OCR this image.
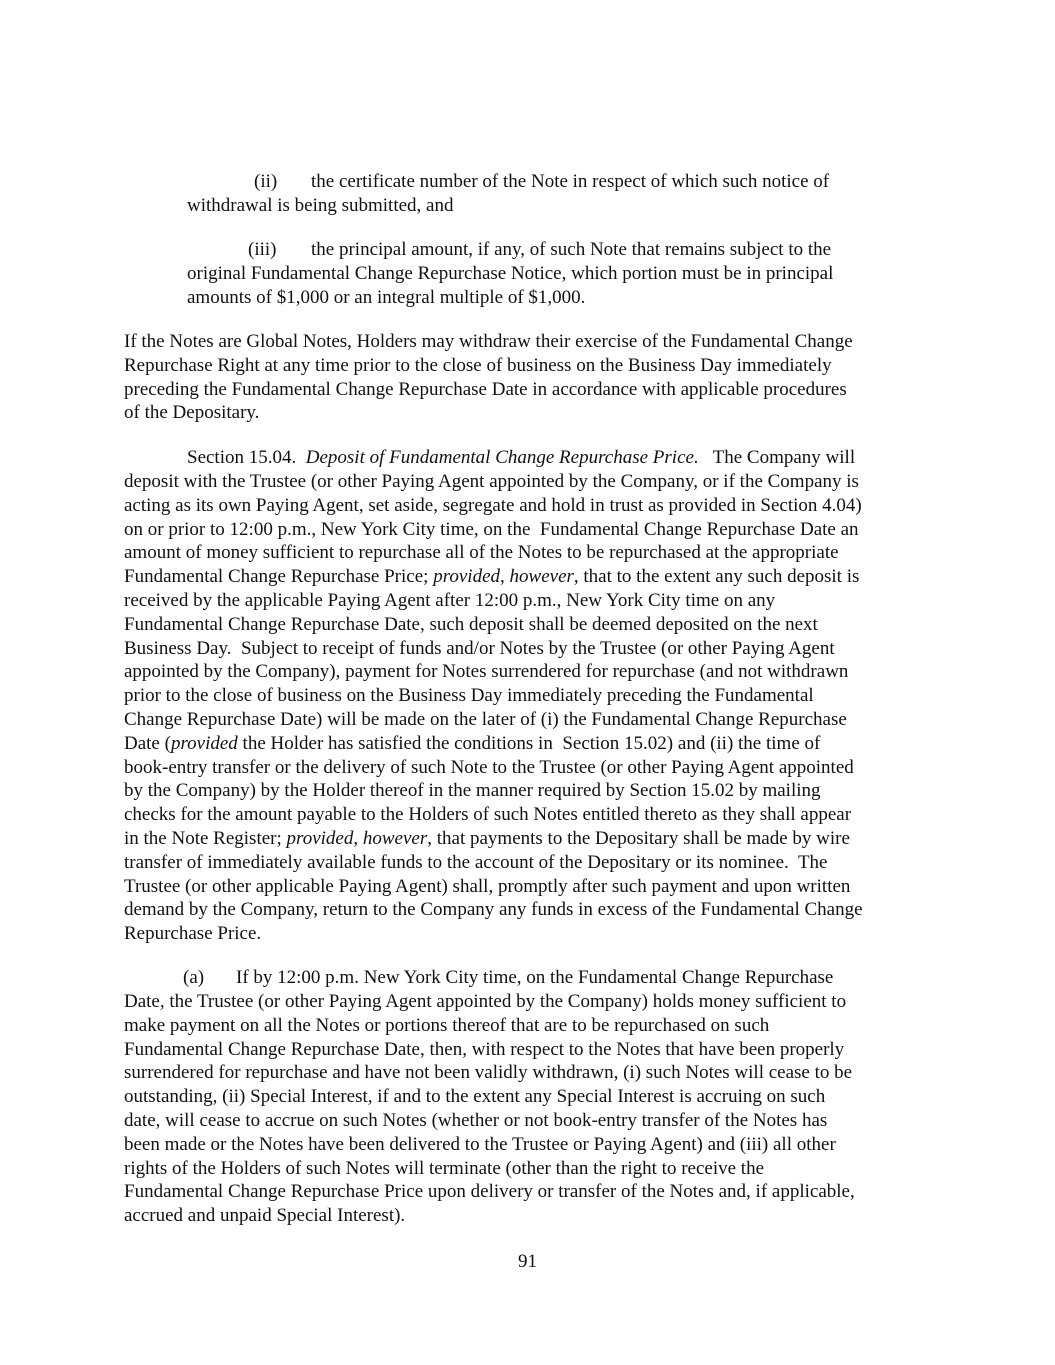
(ii) the certificate number of the Note in respect of which such notice of
withdrawal is being submitted, and
(iii) the principal amount, if any, of such Note that remains subject to the
original Fundamental Change Repurchase Notice, which portion must be in principal
amounts of $1,000 or an integral multiple of $1,000.
If the Notes are Global Notes, Holders may withdraw their exercise of the Fundamental Change
Repurchase Right at any time prior to the close of business on the Business Day immediately
preceding the Fundamental Change Repurchase Date in accordance with applicable procedures
of the Depositary.
Section 15.04. Deposit of Fundamental Change Repurchase Price. The Company will
deposit with the Trustee (or other Paying Agent appointed by the Company, or if the Company is
acting as its own Paying Agent, set aside, segregate and hold in trust as provided in Section 4.04)
on or prior to 12:00 p.m., New York City time, on the  Fundamental Change Repurchase Date an
amount of money sufficient to repurchase all of the Notes to be repurchased at the appropriate
Fundamental Change Repurchase Price; provided, however, that to the extent any such deposit is
received by the applicable Paying Agent after 12:00 p.m., New York City time on any
Fundamental Change Repurchase Date, such deposit shall be deemed deposited on the next
Business Day.  Subject to receipt of funds and/or Notes by the Trustee (or other Paying Agent
appointed by the Company), payment for Notes surrendered for repurchase (and not withdrawn
prior to the close of business on the Business Day immediately preceding the Fundamental
Change Repurchase Date) will be made on the later of (i) the Fundamental Change Repurchase
Date (provided the Holder has satisfied the conditions in  Section 15.02) and (ii) the time of
book-entry transfer or the delivery of such Note to the Trustee (or other Paying Agent appointed
by the Company) by the Holder thereof in the manner required by Section 15.02 by mailing
checks for the amount payable to the Holders of such Notes entitled thereto as they shall appear
in the Note Register; provided, however, that payments to the Depositary shall be made by wire
transfer of immediately available funds to the account of the Depositary or its nominee.  The
Trustee (or other applicable Paying Agent) shall, promptly after such payment and upon written
demand by the Company, return to the Company any funds in excess of the Fundamental Change
Repurchase Price.
(a) If by 12:00 p.m. New York City time, on the Fundamental Change Repurchase
Date, the Trustee (or other Paying Agent appointed by the Company) holds money sufficient to
make payment on all the Notes or portions thereof that are to be repurchased on such
Fundamental Change Repurchase Date, then, with respect to the Notes that have been properly
surrendered for repurchase and have not been validly withdrawn, (i) such Notes will cease to be
outstanding, (ii) Special Interest, if and to the extent any Special Interest is accruing on such
date, will cease to accrue on such Notes (whether or not book-entry transfer of the Notes has
been made or the Notes have been delivered to the Trustee or Paying Agent) and (iii) all other
rights of the Holders of such Notes will terminate (other than the right to receive the
Fundamental Change Repurchase Price upon delivery or transfer of the Notes and, if applicable,
accrued and unpaid Special Interest).
91
